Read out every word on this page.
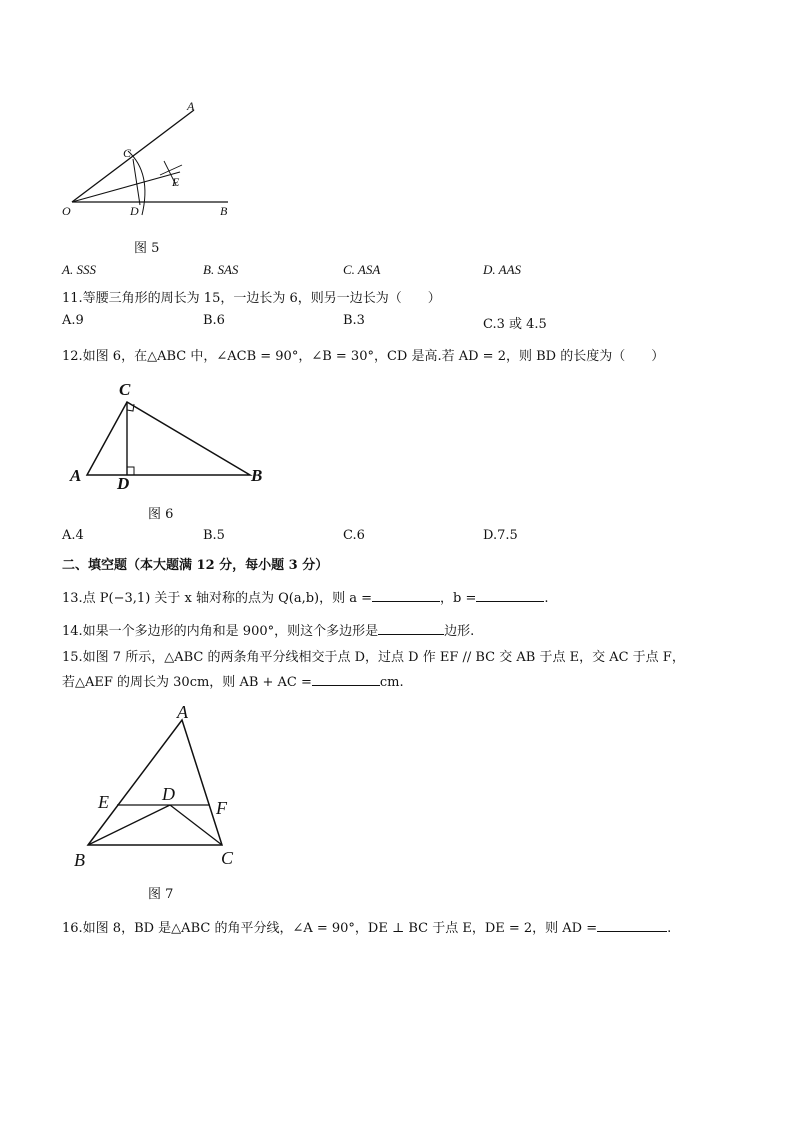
A
C
E
O	D	B
图 5
A. SSS	B. SAS	C. ASA	D. AAS
11.等腰三角形的周长为 15，一边长为 6，则另一边长为（　　）
A.9	B.6	B.3	C.3 或 4.5
12.如图 6，在△ABC 中，∠ACB = 90°，∠B = 30°，CD 是高.若 AD = 2，则 BD 的长度为（　　）
C
A D	B
图 6
A.4	B.5	C.6	D.7.5
二、填空题（本大题满 12 分，每小题 3 分）
13.点 P(−3,1) 关于 x 轴对称的点为 Q(a,b)，则 a =	，b =	.
14.如果一个多边形的内角和是 900°，则这个多边形是	边形.
15.如图 7 所示，△ABC 的两条角平分线相交于点 D，过点 D 作 EF // BC 交 AB 于点 E，交 AC 于点 F，
若△AEF 的周长为 30cm，则 AB + AC =	cm.
A
E	D
F
B	C
图 7
16.如图 8，BD 是△ABC 的角平分线，∠A = 90°，DE ⊥ BC 于点 E，DE = 2，则 AD =	.
